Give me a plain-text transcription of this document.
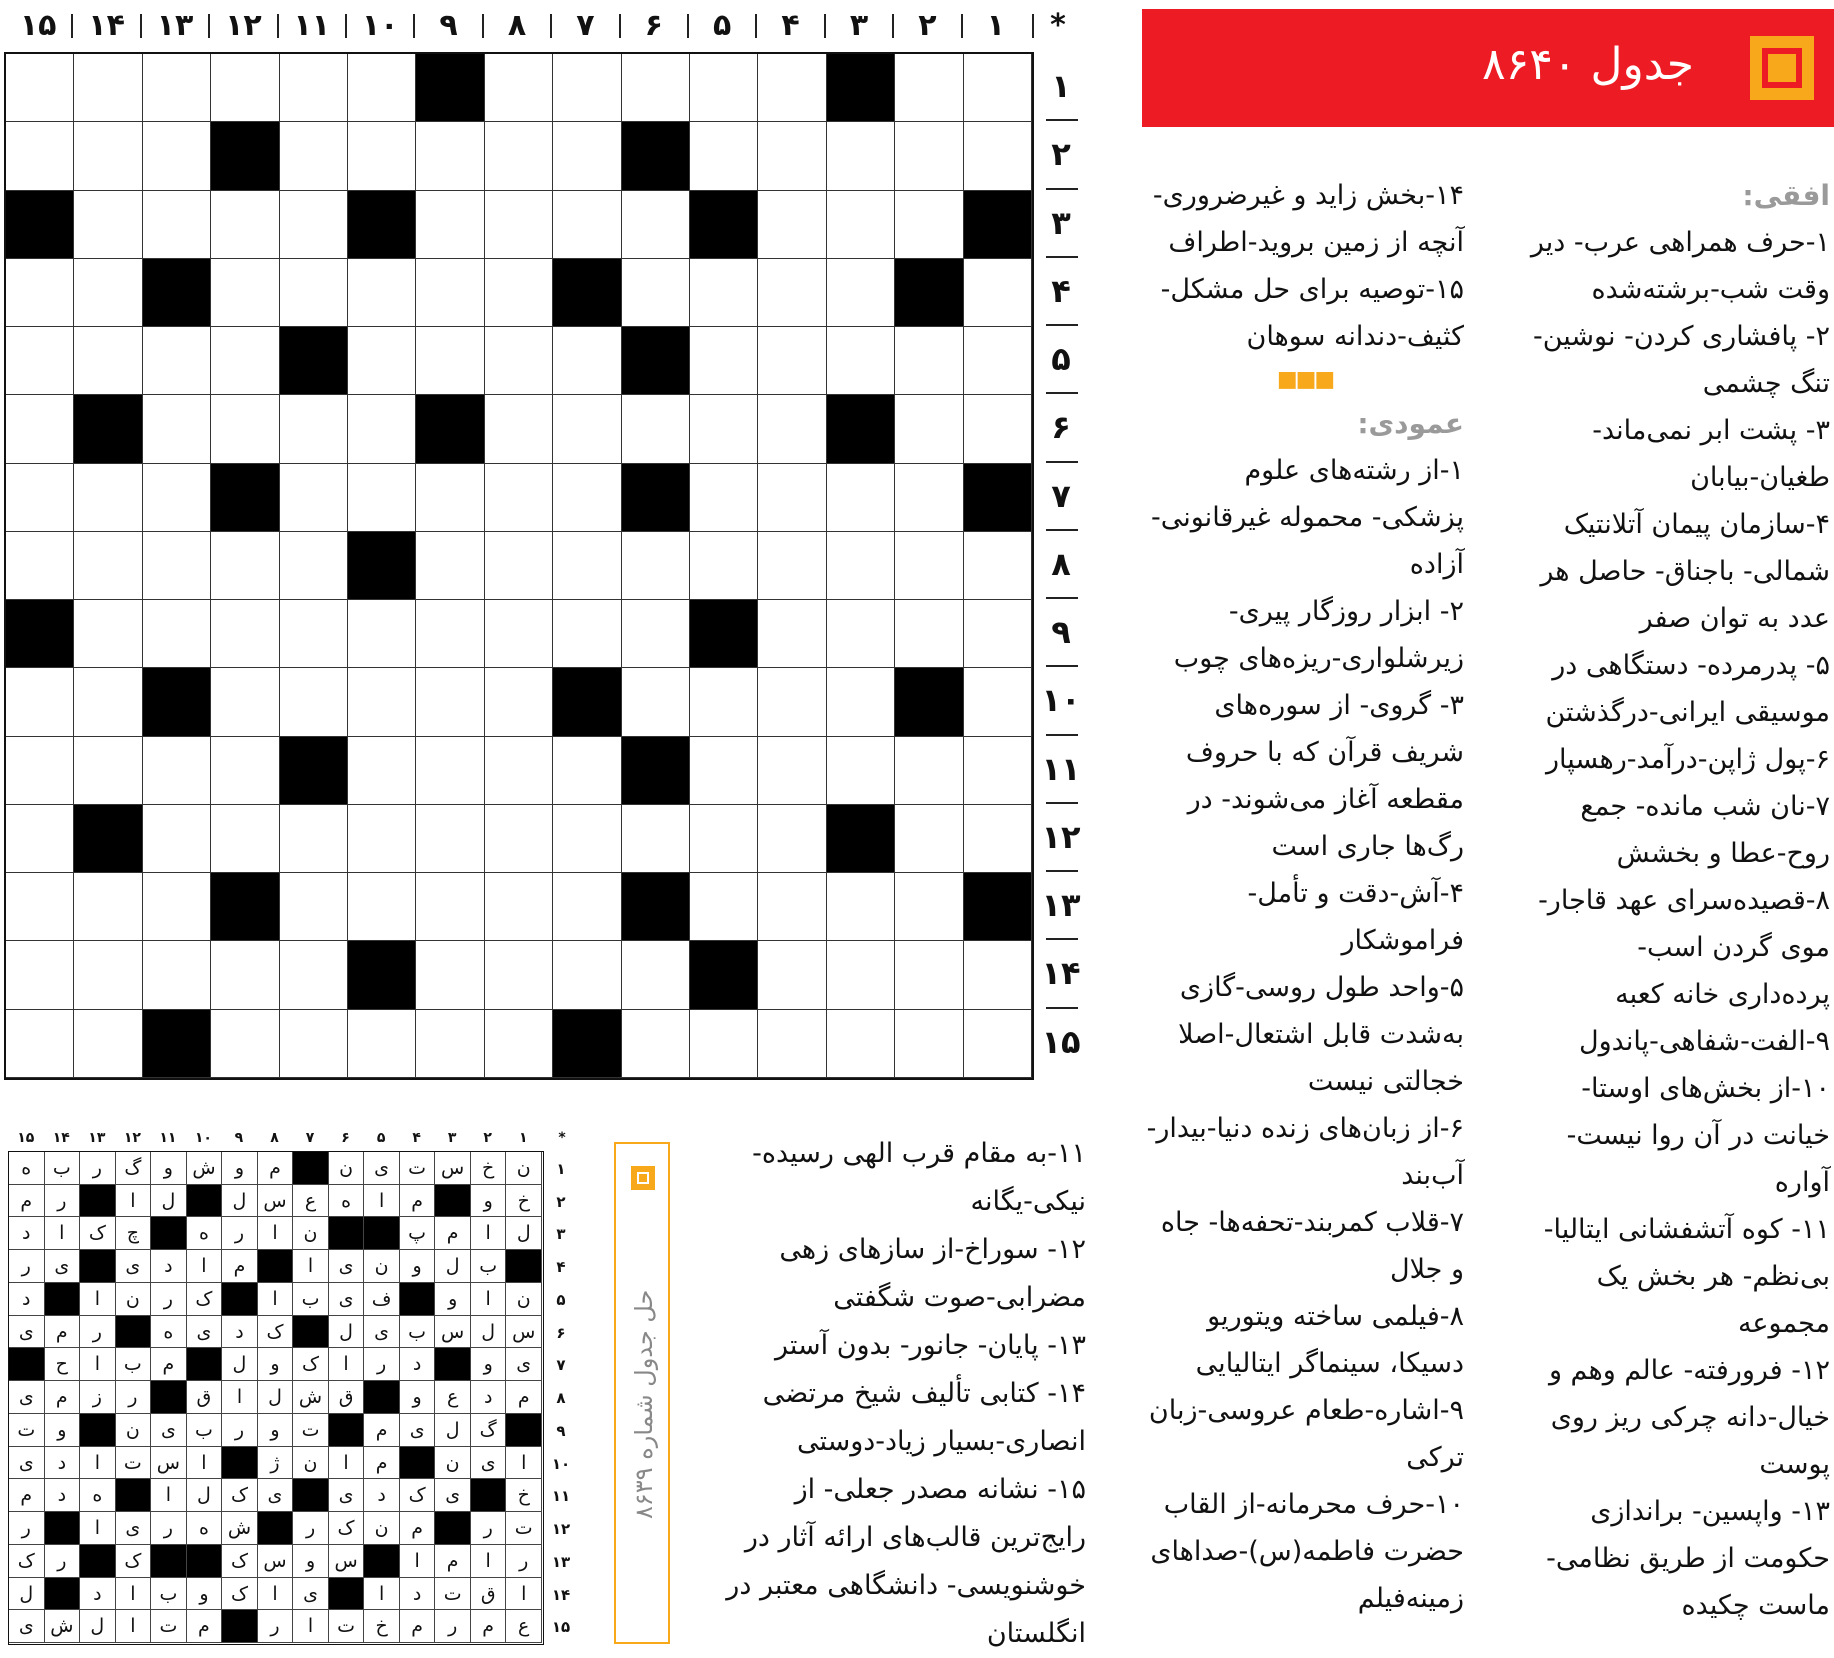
*
۱
۲
۳
۴
۵
۶
۷
۸
۹
۱۰
۱۱
۱۲
۱۳
۱۴
۱۵
۱
۲
۳
۴
۵
۶
۷
۸
۹
۱۰
۱۱
۱۲
۱۳
۱۴
۱۵
جدول ۸۶۴۰
افقی:
۱-حرف همراهی عرب- دیر وقت شب-برشته‌شده
۲- پافشاری کردن- نوشین- تنگ چشمی
۳- پشت ابر نمی‌ماند- طغیان-بیابان
۴-سازمان پیمان آتلانتیک شمالی- باجناق- حاصل هر عدد به توان صفر
۵- پدرمرده- دستگاهی در موسیقی ایرانی-درگذشتن
۶-پول ژاپن-درآمد-رهسپار
۷-نان شب مانده- جمع روح-عطا و بخشش
۸-قصیده‌سرای عهد قاجار- موی گردن اسب- پرده‌داری خانه کعبه
۹-الفت-شفاهی-پاندول
۱۰-از بخش‌های اوستا- خیانت در آن روا نیست- آواره
۱۱- کوه آتشفشانی ایتالیا- بی‌نظم- هر بخش یک مجموعه
۱۲- فرورفته- عالم وهم و خیال-دانه چرکی ریز روی پوست
۱۳- واپسین- براندازی حکومت از طریق نظامی- ماست چکیده
۱۴-بخش زاید و غیرضروری- آنچه از زمین بروید-اطراف
۱۵-توصیه برای حل مشکل- کثیف-دندانه سوهان
■■■
عمودی:
۱-از رشته‌های علوم پزشکی- محموله غیرقانونی-آزاده
۲- ابزار روزگار پیری- زیرشلواری-ریزه‌های چوب
۳- گروی- از سوره‌های شریف قرآن که با حروف مقطعه آغاز می‌شوند- در رگ‌ها جاری است
۴-آش-دقت و تأمل- فراموشکار
۵-واحد طول روسی-گازی به‌شدت قابل اشتعال-اصلا خجالتی نیست
۶-از زبان‌های زنده دنیا-بیدار- آب‌بند
۷-قلاب کمربند-تحفه‌ها- جاه و جلال
۸-فیلمی ساخته ویتوریو دسیکا، سینماگر ایتالیایی
۹-اشاره-طعام عروسی-زبان ترکی
۱۰-حرف محرمانه-از القاب حضرت فاطمه(س)-صداهای زمینه‌فیلم
۱۱-به مقام قرب الهی رسیده- نیکی-یگانه
۱۲- سوراخ-از سازهای زهی مضرابی-صوت شگفتی
۱۳- پایان- جانور- بدون آستر
۱۴- کتابی تألیف شیخ مرتضی انصاری-بسیار زیاد-دوستی
۱۵- نشانه مصدر جعلی- از رایج‌ترین قالب‌های ارائه آثار در خوشنویسی- دانشگاهی معتبر در انگلستان
حل جدول شماره ۸۶۳۹
*
۱
۲
۳
۴
۵
۶
۷
۸
۹
۱۰
۱۱
۱۲
۱۳
۱۴
۱۵
ن
خ
س
ت
ی
ن
م
و
ش
و
گ
ر
ب
ه
خ
و
م
ا
ه
ع
س
ل
ل
ا
ر
م
ل
ا
م
پ
ن
ا
ر
ه
چ
ک
ا
د
ب
ل
و
ن
ی
ا
م
ا
د
ی
ی
ر
ن
ا
و
ف
ی
ب
ا
ک
ر
ن
ا
د
س
ل
س
ب
ی
ل
ک
د
ی
ه
ر
م
ی
ی
و
د
ر
ا
ک
و
ل
م
ب
ا
ح
م
د
ع
و
ق
ش
ل
ا
ق
ر
ز
م
ی
گ
ل
ی
م
ت
و
ر
ب
ی
ن
و
ت
ا
ی
ن
م
ا
ن
ژ
ا
س
ت
ا
د
ی
خ
ی
ک
د
ی
ی
ک
ل
ا
ه
د
م
ت
ر
م
ن
ک
ر
ش
ه
ر
ی
ا
ر
ر
ا
م
ا
س
و
س
ک
ک
ر
ک
ا
ق
ت
د
ا
ی
ا
ک
و
ب
ا
د
ل
ع
م
ر
م
خ
ت
ا
ر
م
ت
ا
ل
ش
ی
۱
۲
۳
۴
۵
۶
۷
۸
۹
۱۰
۱۱
۱۲
۱۳
۱۴
۱۵
